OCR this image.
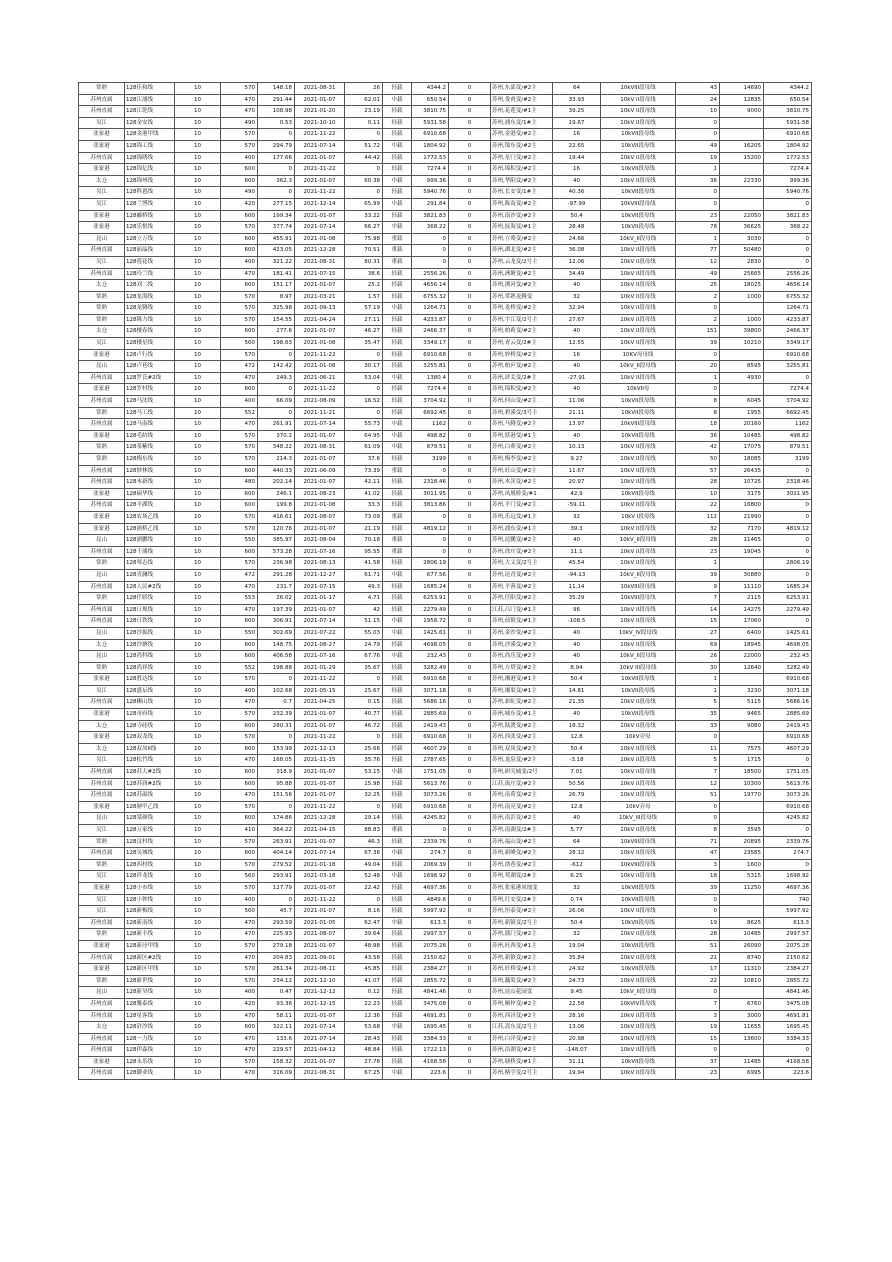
常熟	128佳和线	10	570	148.18	2021-08-31	26	轻载	4344.2	0	苏州,东部变/#2主	64	10kVIII段母线	43	14690	4344.2
苏州直属	128江浦线	10	470	291.44	2021-01-07	62.01	中载	650.54	0	苏州,娄甫变/#2主	33.93	10kV II段母线	24	12835	650.54
苏州直属	128江乾线	10	470	108.98	2021-01-20	23.19	轻载	3810.75	0	苏州,花莲变/#1主	39.25	10kV II段母线	10	9000	3810.75
吴江	128金安线	10	490	0.53	2021-10-10	0.11	轻载	5931.58	0	苏州,浦东变/1#主	19.67	10kV II段母线	0		5931.58
张家港	128金港甲线	10	570	0	2021-11-22	0	轻载	6910.68	0	苏州,金港变/#2主	16	10kVII段母线	0		6910.68
张家港	128锦工线	10	570	294.79	2021-07-14	51.72	中载	1804.92	0	苏州,锦东变/#2主	22.65	10kVII段母线	49	16205	1804.92
苏州直属	128锦绣线	10	400	177.66	2021-01-07	44.42	轻载	1772.53	0	苏州,星门变/#2主	19.44	10kV II段母线	19	15200	1772.53
张家港	128锦亿线	10	600	0	2021-11-22	0	轻载	7274.4	0	苏州,锦积变/#2主	16	10kVII段母线	1		7274.4
太仓	128锦州线	10	600	362.3	2021-01-07	60.38	中载	999.36	0	苏州,华阳变/#2主	40	10kV II段母线	36	22330	999.36
吴江	128科恩线	10	490	0	2021-11-22	0	轻载	5940.76	0	苏州,长安变/1#主	40.36	10kVII段母线	0		5940.76
吴江	128兰博线	10	420	277.15	2021-12-14	65.99	中载	291.84	0	苏州,陈南变/#2主	-97.99	10kVIII段母线	0		0
张家港	128郦桥线	10	600	199.34	2021-01-07	33.22	轻载	3821.83	0	苏州,南沙变/#2主	50.4	10kVII段母线	23	22050	3821.83
张家港	128乐悦线	10	570	377.74	2021-07-14	66.27	中载	368.22	0	苏州,抚海变/#1主	28.48	10kVII段母线	78	36625	368.22
昆山	128立万线	10	600	455.91	2021-01-08	75.98	重载	0	0	苏州,立蓦变/#2主	24.66	10kV_II段母线	1	3030	0
苏州直属	128丽晶线	10	600	423.05	2021-12-28	70.51	重载	0	0	苏州,湖北变/#2主	36.08	10kV II段母线	77	50480	0
吴江	128莲花线	10	400	321.22	2021-08-31	80.31	重载	0	0	苏州,云龙变/2号主	12.06	10kV II段母线	12	2830	0
苏州直属	128玲兰线	10	470	181.41	2021-07-15	38.6	轻载	2556.26	0	苏州,洲塘变/#2主	34.49	10kV II段母线	49	25665	2556.26
太仓	128刘二线	10	600	151.17	2021-01-07	25.2	轻载	4656.14	0	苏州,浏河变/#2主	40	10kV II段母线	25	18025	4656.14
常熟	128龙海线	10	570	8.97	2021-03-21	1.57	轻载	6755.32	0	苏州,常熟龙腾变	32	10kV II段母线	2	1000	6755.32
常熟	128龙腾线	10	570	325.98	2021-09-13	57.19	中载	1264.71	0	苏州,龙桥变/#2主	32.94	10kV II段母线	0		1264.71
常熟	128隆力线	10	570	154.55	2021-04-24	27.11	轻载	4233.87	0	苏州,宇江变/2号主	27.67	10kV II段母线	2	1000	4233.87
太仓	128楼春线	10	600	277.6	2021-01-07	46.27	轻载	2466.37	0	苏州,柏莉变/#2主	40	10kV II段母线	151	39800	2466.37
吴江	128楼星线	10	560	198.63	2021-01-08	35.47	轻载	3349.17	0	苏州,青云变/2#主	12.55	10kV II段母线	39	10210	3349.17
张家港	128卢行线	10	570	0	2021-11-22	0	轻载	6910.68	0	苏州,妙桥变/#2主	16	10KV母母线	0		6910.68
昆山	128卢巷线	10	472	142.42	2021-01-08	30.17	轻载	3255.81	0	苏州,柏庐变/#2主	40	10kV_II段母线	20	8595	3255.81
苏州直属	128罗氏#2线	10	470	249.3	2021-06-21	53.04	中载	1380.4	0	苏州,浒关变/2#主	-27.91	10kV II段母线	1	4930	0
张家港	128罗村线	10	600	0	2021-11-22	0	轻载	7274.4	0	苏州,锦积变/#2主	40	10kVII母	0		7274.4
苏州直属	128马沈线	10	400	66.09	2021-08-09	16.52	轻载	3704.92	0	苏州,何山变/#2主	11.06	10kVII段母线	8	6045	3704.92
常熟	128马工线	10	552	0	2021-11-21	0	轻载	6692.45	0	苏州,碧溪变/3号主	21.11	10kVII段母线	8	1955	6692.45
苏州直属	128马南线	10	470	261.91	2021-07-14	55.73	中载	1162	0	苏州,马腾变/#2主	13.97	10kVIII段母线	18	20160	1162
张家港	128毛纺线	10	570	370.2	2021-01-07	64.95	中载	498.82	0	苏州,妖港变/#1主	40	10kVII段母线	36	10485	498.82
常熟	128茶紫线	10	570	348.22	2021-08-31	61.09	中载	879.51	0	苏州,白茆变/#2主	10.13	10kV II段母线	42	17075	879.51
常熟	128梅东线	10	570	214.3	2021-01-07	37.6	轻载	3199	0	苏州,梅李变/#2主	9.27	10kV II段母线	50	18085	3199
苏州直属	128妙林线	10	600	440.33	2021-06-09	73.39	重载	0	0	苏州,旺山变/#2主	11.67	10kV II段母线	57	26435	0
苏州直属	128木新线	10	480	202.14	2021-01-07	42.11	轻载	2318.46	0	苏州,木渎变/#2主	20.97	10kV II段母线	28	10725	2318.46
张家港	128硕华线	10	600	246.1	2021-08-23	41.02	轻载	3011.95	0	苏州,凤凰桥变/#1	42.9	10kVII段母线	10	3175	3011.95
苏州直属	128平湖线	10	600	199.8	2021-01-08	33.3	轻载	3813.86	0	苏州,平门变/#2主	-59.11	10kV II段母线	22	16800	0
张家港	128农场乙线	10	570	416.61	2021-08-07	73.09	重载	0	0	苏州,乐远变/#1主	32	10kV I段母线	112	21990	0
张家港	128浦桥乙线	10	570	120.76	2021-01-07	21.19	轻载	4819.12	0	苏州,浦东变/#1主	39.3	10kV II段母线	32	7170	4819.12
昆山	128浦鹏线	10	550	385.97	2021-08-04	70.18	重载	0	0	苏州,昆鹏变/#2主	40	10kV_II段母线	28	11465	0
苏州直属	128千浦线	10	600	573.28	2021-07-16	95.55	重载	0	0	苏州,徐庄变/#2主	11.1	10kV II段母线	23	19045	0
常熟	128琴志线	10	570	236.98	2021-08-13	41.58	轻载	2806.19	0	苏州,大义变/2号主	45.54	10kV II段母线	1		2806.19
昆山	128青澜线	10	472	291.28	2021-12-27	61.71	中载	677.56	0	苏州,昆青变/#2主	-94.13	10kV_II段母线	39	30880	0
苏州直属	128人民#2线	10	470	231.7	2021-07-15	49.3	轻载	1685.24	0	苏州,平蓉变/#2主	11.14	10kVIII段母线	9	11110	1685.24
常熟	128仟联线	10	553	26.02	2021-01-17	4.71	轻载	6253.91	0	苏州,任阳变/#2主	35.29	10kVIII段母线	7	2115	6253.91
苏州直属	128日规线	10	470	197.39	2021-01-07	42	轻载	2279.49	0	江苏,吕门变/#1主	96	10kV II段母线	14	14275	2279.49
苏州直属	128日铁线	10	600	306.91	2021-07-14	51.15	中载	1958.72	0	苏州,前镇变/#1主	-108.5	10kV II段母线	15	17060	0
昆山	128沙振线	10	550	302.69	2021-07-22	55.03	中载	1425.61	0	苏州,金沙变/#2主	40	10kV_IV段母线	27	6400	1425.61
太仓	128沙塘线	10	600	148.75	2021-08-27	24.79	轻载	4698.05	0	苏州,沙溪变/#2主	40	10kV II段母线	69	18945	4698.05
昆山	128尚科线	10	600	406.58	2021-07-16	67.76	中载	232.43	0	苏州,尚乐变/#2主	40	10kV_II段母线	26	22000	232.43
常熟	128尚祥线	10	552	198.88	2021-01-29	35.67	轻载	3282.49	0	苏州,方塔变/#2主	8.94	10kV III段母线	30	12640	3282.49
张家港	128胜达线	10	570	0	2021-11-22	0	轻载	6910.68	0	苏州,湘港变/#1主	50.4	10kVII段母线	1		6910.68
吴江	128盛坛线	10	400	102.68	2021-05-15	25.67	轻载	3071.18	0	苏州,湘渠变/#1主	14.81	10kVII段母线	1	3230	3071.18
苏州直属	128狮山线	10	470	0.7	2021-04-25	0.15	轻载	5686.16	0	苏州,彩虹变/#2主	21.35	10kV II段母线	5	5115	5686.16
张家港	128市府线	10	570	232.39	2021-01-07	40.77	轻载	2885.69	0	苏州,城东变/#1主	40	10kVII段母线	35	9465	2885.69
太仓	128寺硅线	10	600	280.31	2021-01-07	46.72	轻载	2419.43	0	苏州,陆渡变/#2主	18.32	10kV II段母线	33	9080	2419.43
张家港	128双龙线	10	570	0	2021-11-22	0	轻载	6910.68	0	苏州,西张变/#2主	12.8	10kV旁母	0		6910.68
太仓	128双凤II线	10	600	153.99	2021-12-13	25.66	轻载	4607.29	0	苏州,双凤变/#2主	50.4	10kV II段母线	11	7575	4607.29
吴江	128松竹线	10	470	168.05	2021-11-15	35.76	轻载	2787.65	0	苏州,龙泉变/#2主	-3.18	10kV II段母线	5	1715	0
苏州直属	128苏大#2线	10	600	318.9	2021-01-07	53.15	中载	1751.05	0	苏州,研究城变/2号	7.01	10kV II段母线	7	18500	1751.05
苏州直属	128苏润#2线	10	600	95.88	2021-01-07	15.98	轻载	5613.76	0	江苏,流庄变/#2主	50.56	10kV II段母线	12	10300	5613.76
苏州直属	128苏温线	10	470	151.56	2021-01-07	32.25	轻载	3073.26	0	苏州,南荷变/#2主	26.79	10kV II段母线	51	19770	3073.26
张家港	128塘甲乙线	10	570	0	2021-11-22	0	轻载	6910.68	0	苏州,南亮变/#2主	12.8	10kV旁母	0		6910.68
昆山	128棠颜线	10	600	174.86	2021-12-28	29.14	轻载	4245.82	0	苏州,南浜变/#2主	40	10kV_III段母线	0		4245.82
吴江	128万家线	10	410	364.22	2021-04-15	88.83	重载	0	0	苏州,南湖变/2#主	5.77	10kV II段母线	8	3595	0
常熟	128汶村线	10	570	263.91	2021-01-07	46.3	轻载	2339.76	0	苏州,福山变/#2主	64	10kVIII段母线	71	20895	2339.76
苏州直属	128吴城线	10	600	404.14	2021-07-14	67.36	中载	274.7	0	苏州,新峰变/#2主	28.12	10kV II段母线	47	23585	274.7
常熟	128西村线	10	570	279.52	2021-01-18	49.04	轻载	2069.39	0	苏州,俞巷变/#2主	-612	10kVIII段母线	3	1600	0
吴江	128祥龙线	10	560	293.91	2021-03-18	52.48	中载	1698.92	0	苏州,莺湖变/2#主	6.25	10kV II段母线	18	5315	1698.92
张家港	128小市线	10	570	127.79	2021-01-07	22.42	轻载	4697.36	0	苏州,张家港凤凰变	32	10kVII段母线	39	11250	4697.36
吴江	128小钟线	10	400	0	2021-11-22	0	轻载	4849.6	0	苏州,红安变/2#主	0.74	10kVII段母线	0		740
吴江	128新梅线	10	560	45.7	2021-01-07	8.16	轻载	5997.92	0	苏州,恒泰变/#2主	26.06	10kV II段母线	0		5997.92
苏州直属	128新南线	10	470	293.59	2021-01-05	62.47	中载	613.3	0	苏州,新镇变/2号主	50.4	10kVII段母线	19	8625	613.3
常熟	128新丰线	10	470	225.93	2021-08-07	39.64	轻载	2997.57	0	苏州,蒲门变/#2主	32	10kV II段母线	28	10485	2997.57
张家港	128新泾甲线	10	570	279.18	2021-01-07	48.98	轻载	2075.28	0	苏州,旺西变/#1主	19.04	10kVII段母线	51	26090	2075.28
苏州直属	128新区#2线	10	470	204.83	2021-09-01	43.58	轻载	2150.62	0	苏州,新镇变/#2主	35.84	10kV II段母线	21	8740	2150.62
张家港	128新区甲线	10	570	261.34	2021-08-11	45.85	轻载	2384.27	0	苏州,旺桥变/#1主	24.92	10kVII段母线	17	11310	2384.27
常熟	128新世线	10	570	234.12	2021-12-10	41.07	轻载	2855.72	0	苏州,藕渠变/#2主	24.73	10kV II段母线	22	10810	2855.72
昆山	128新昊线	10	400	0.47	2021-12-12	0.12	轻载	4841.46	0	苏州,昆山花园变	9.45	10kV_II段母线	0		4841.46
苏州直属	128馨泰线	10	420	93.36	2021-12-15	22.23	轻载	3475.08	0	苏州,桐梓变/#2主	22.58	10kVIV段母线	7	6760	3475.08
苏州直属	128星客线	10	470	58.11	2021-01-07	12.36	轻载	4691.81	0	苏州,西泾变/#2主	28.16	10kV II段母线	3	3000	4691.81
太仓	128浒沙线	10	600	322.11	2021-07-14	53.68	中载	1695.45	0	江苏,嵩东变/2号主	13.06	10kV II段母线	19	11655	1695.45
苏州直属	128一力线	10	470	133.6	2021-07-14	28.43	轻载	3384.33	0	苏州,白洋变/#2主	20.98	10kV II段母线	15	13600	3384.33
苏州直属	128伊森线	10	470	229.57	2021-04-12	48.84	轻载	1722.13	0	苏州,沿湖变/#2主	-148.07	10kV II段母线	0		0
张家港	128永乐线	10	570	158.32	2021-01-07	27.78	轻载	4168.58	0	苏州,塘桥变/#1主	31.11	10kVII段母线	37	11485	4168.58
苏州直属	128御业线	10	470	316.09	2021-08-31	67.25	中载	223.6	0	苏州,赌孛变/2号主	19.94	10kV II段母线	23	6995	223.6
